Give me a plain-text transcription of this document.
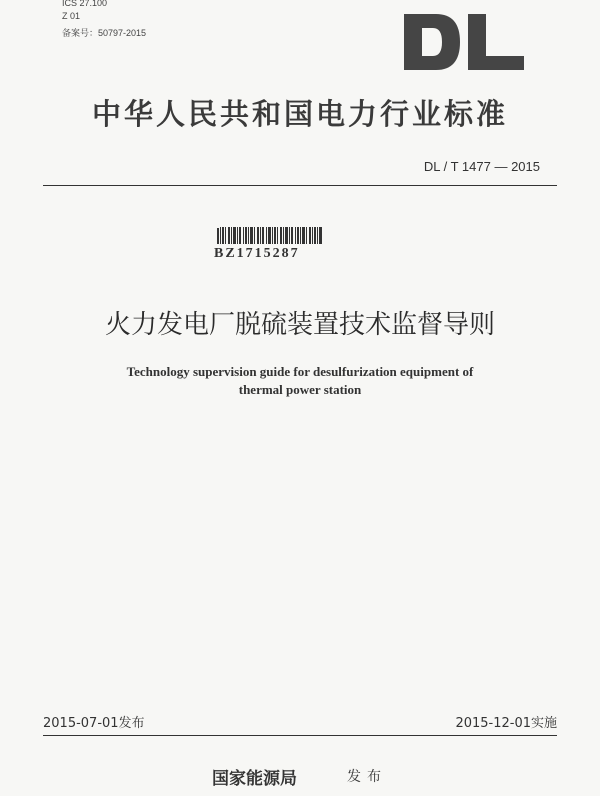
ICS 27.100
Z 01
备案号：50797-2015
中华人民共和国电力行业标准
DL / T 1477 — 2015
BZ1715287
火力发电厂脱硫装置技术监督导则
Technology supervision guide for desulfurization equipment of
thermal power station
2015-07-01发布	2015-12-01实施
国家能源局	发布
